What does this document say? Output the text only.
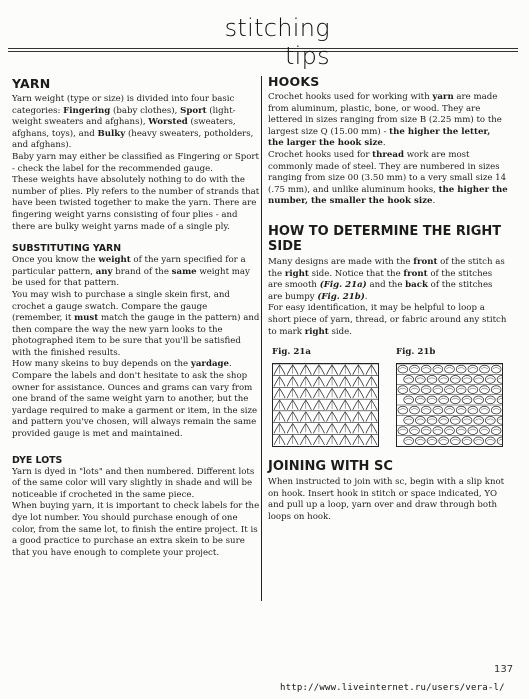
stitching tips
YARN

Yarn weight (type or size) is divided into four basic categories: Fingering (baby clothes), Sport (light-weight sweaters and afghans), Worsted (sweaters, afghans, toys), and Bulky (heavy sweaters, potholders, and afghans).

Baby yarn may either be classified as Fingering or Sport - check the label for the recommended gauge.

These weights have absolutely nothing to do with the number of plies. Ply refers to the number of strands that have been twisted together to make the yarn. There are fingering weight yarns consisting of four plies - and there are bulky weight yarns made of a single ply.

SUBSTITUTING YARN

Once you know the weight of the yarn specified for a particular pattern, any brand of the same weight may be used for that pattern.

You may wish to purchase a single skein first, and crochet a gauge swatch. Compare the gauge (remember, it must match the gauge in the pattern) and then compare the way the new yarn looks to the photographed item to be sure that you'll be satisfied with the finished results.

How many skeins to buy depends on the yardage. Compare the labels and don't hesitate to ask the shop owner for assistance. Ounces and grams can vary from one brand of the same weight yarn to another, but the yardage required to make a garment or item, in the size and pattern you've chosen, will always remain the same provided gauge is met and maintained.

DYE LOTS

Yarn is dyed in "lots" and then numbered. Different lots of the same color will vary slightly in shade and will be noticeable if crocheted in the same piece.

When buying yarn, it is important to check labels for the dye lot number. You should purchase enough of one color, from the same lot, to finish the entire project. It is a good practice to purchase an extra skein to be sure that you have enough to complete your project.

HOOKS

Crochet hooks used for working with yarn are made from aluminum, plastic, bone, or wood. They are lettered in sizes ranging from size B (2.25 mm) to the largest size Q (15.00 mm) - the higher the letter, the larger the hook size.

Crochet hooks used for thread work are most commonly made of steel. They are numbered in sizes ranging from size 00 (3.50 mm) to a very small size 14 (.75 mm), and unlike aluminum hooks, the higher the number, the smaller the hook size.

HOW TO DETERMINE THE RIGHT SIDE

Many designs are made with the front of the stitch as the right side. Notice that the front of the stitches are smooth (Fig. 21a) and the back of the stitches are bumpy (Fig. 21b).

For easy identification, it may be helpful to loop a short piece of yarn, thread, or fabric around any stitch to mark right side.

Fig. 21a	Fig. 21b
JOINING WITH SC

When instructed to join with sc, begin with a slip knot on hook. Insert hook in stitch or space indicated, YO and pull up a loop, yarn over and draw through both loops on hook.

137
http://www.liveinternet.ru/users/vera-l/
